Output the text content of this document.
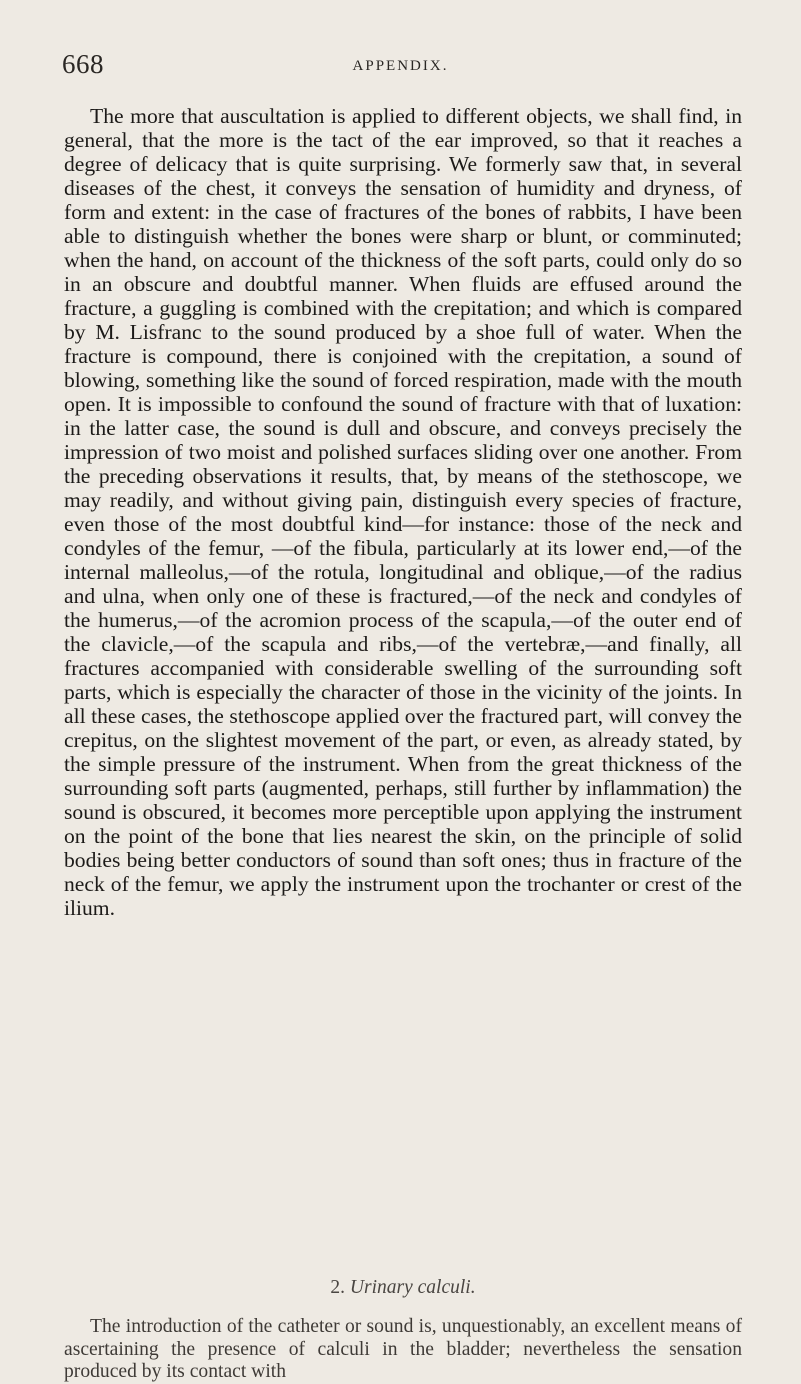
668	APPENDIX.

The more that auscultation is applied to different objects, we shall find, in general, that the more is the tact of the ear improved, so that it reaches a degree of delicacy that is quite surprising. We formerly saw that, in several diseases of the chest, it conveys the sensation of humidity and dryness, of form and extent: in the case of fractures of the bones of rabbits, I have been able to distinguish whether the bones were sharp or blunt, or comminuted; when the hand, on account of the thickness of the soft parts, could only do so in an obscure and doubtful manner. When fluids are effused around the fracture, a guggling is combined with the crepitation; and which is compared by M. Lisfranc to the sound produced by a shoe full of water. When the fracture is compound, there is conjoined with the crepitation, a sound of blowing, something like the sound of forced respiration, made with the mouth open. It is impossible to confound the sound of fracture with that of luxation: in the latter case, the sound is dull and obscure, and conveys precisely the impression of two moist and polished surfaces sliding over one another. From the preceding observations it results, that, by means of the stethoscope, we may readily, and without giving pain, distinguish every species of fracture, even those of the most doubtful kind—for instance: those of the neck and condyles of the femur, —of the fibula, particularly at its lower end,—of the internal malleolus,—of the rotula, longitudinal and oblique,—of the radius and ulna, when only one of these is fractured,—of the neck and condyles of the humerus,—of the acromion process of the scapula,—of the outer end of the clavicle,—of the scapula and ribs,—of the vertebræ,—and finally, all fractures accompanied with considerable swelling of the surrounding soft parts, which is especially the character of those in the vicinity of the joints. In all these cases, the stethoscope applied over the fractured part, will convey the crepitus, on the slightest movement of the part, or even, as already stated, by the simple pressure of the instrument. When from the great thickness of the surrounding soft parts (augmented, perhaps, still further by inflammation) the sound is obscured, it becomes more perceptible upon applying the instrument on the point of the bone that lies nearest the skin, on the principle of solid bodies being better conductors of sound than soft ones; thus in fracture of the neck of the femur, we apply the instrument upon the trochanter or crest of the ilium.

2. Urinary calculi.

The introduction of the catheter or sound is, unquestionably, an excellent means of ascertaining the presence of calculi in the bladder; nevertheless the sensation produced by its contact with
